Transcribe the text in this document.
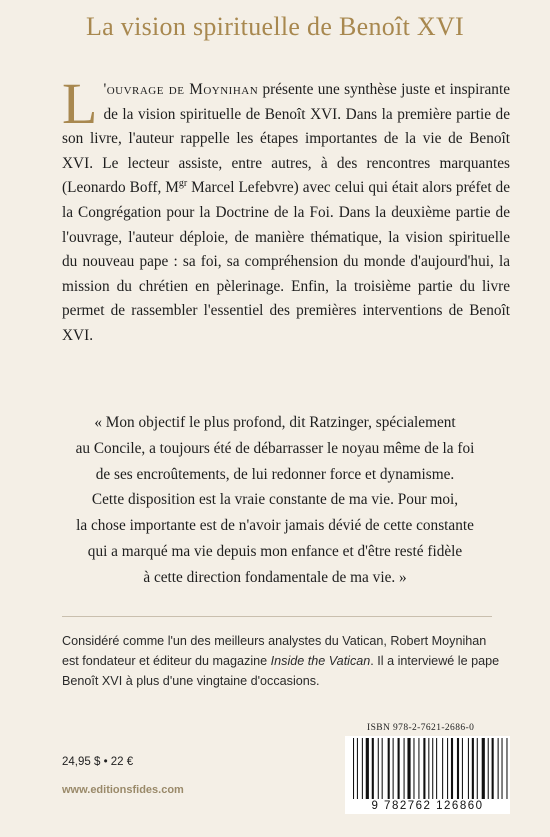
La vision spirituelle de Benoît XVI

L 'ouvrage de Moynihan présente une synthèse juste et inspirante de la vision spirituelle de Benoît XVI. Dans la première partie de son livre, l'auteur rappelle les étapes importantes de la vie de Benoît XVI. Le lecteur assiste, entre autres, à des rencontres marquantes (Leonardo Boff, $M^{gr}$ Marcel Lefebvre) avec celui qui était alors préfet de la Congrégation pour la Doctrine de la Foi. Dans la deuxième partie de l'ouvrage, l'auteur déploie, de manière thématique, la vision spirituelle du nouveau pape : sa foi, sa compréhension du monde d'aujourd'hui, la mission du chrétien en pèlerinage. Enfin, la troisième partie du livre permet de rassembler l'essentiel des premières interventions de Benoît XVI.

« Mon objectif le plus profond, dit Ratzinger, spécialement
au Concile, a toujours été de débarrasser le noyau même de la foi
de ses encroûtements, de lui redonner force et dynamisme.
Cette disposition est la vraie constante de ma vie. Pour moi,
la chose importante est de n'avoir jamais dévié de cette constante
qui a marqué ma vie depuis mon enfance et d'être resté fidèle
à cette direction fondamentale de ma vie. »
Considéré comme l'un des meilleurs analystes du Vatican, Robert Moynihan
est fondateur et éditeur du magazine Inside the Vatican. Il a interviewé le pape
Benoît XVI à plus d'une vingtaine d'occasions.
ISBN 978-2-7621-2686-0
9 782762 126860
24,95 $ • 22 €
www.editionsfides.com
